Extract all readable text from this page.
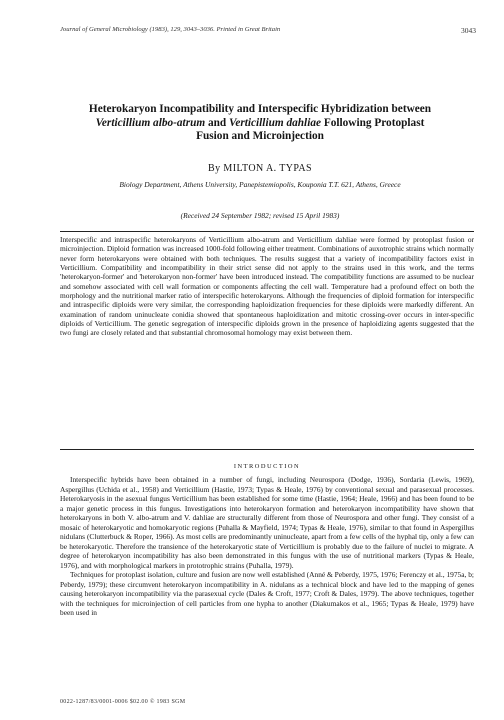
Journal of General Microbiology (1983), 129, 3043–3036. Printed in Great Britain	3043
Heterokaryon Incompatibility and Interspecific Hybridization between
Verticillium albo-atrum and Verticillium dahliae Following Protoplast
Fusion and Microinjection
By MILTON A. TYPAS
Biology Department, Athens University, Panepistemiopolis, Kouponia T.T. 621, Athens, Greece
(Received 24 September 1982; revised 15 April 1983)
Interspecific and intraspecific heterokaryons of Verticillium albo-atrum and Verticillium dahliae were formed by protoplast fusion or microinjection. Diploid formation was increased 1000-fold following either treatment. Combinations of auxotrophic strains which normally never form heterokaryons were obtained with both techniques. The results suggest that a variety of incompatibility factors exist in Verticillium. Compatibility and incompatibility in their strict sense did not apply to the strains used in this work, and the terms 'heterokaryon-former' and 'heterokaryon non-former' have been introduced instead. The compatibility functions are assumed to be nuclear and somehow associated with cell wall formation or components affecting the cell wall. Temperature had a profound effect on both the morphology and the nutritional marker ratio of interspecific heterokaryons. Although the frequencies of diploid formation for interspecific and intraspecific diploids were very similar, the corresponding haploidization frequencies for these diploids were markedly different. An examination of random uninucleate conidia showed that spontaneous haploidization and mitotic crossing-over occurs in inter-specific diploids of Verticillium. The genetic segregation of interspecific diploids grown in the presence of haploidizing agents suggested that the two fungi are closely related and that substantial chromosomal homology may exist between them.
INTRODUCTION

Interspecific hybrids have been obtained in a number of fungi, including Neurospora (Dodge, 1936), Sordaria (Lewis, 1969), Aspergillus (Uchida et al., 1958) and Verticillium (Hastie, 1973; Typas & Heale, 1976) by conventional sexual and parasexual processes. Heterokaryosis in the asexual fungus Verticillium has been established for some time (Hastie, 1964; Heale, 1966) and has been found to be a major genetic process in this fungus. Investigations into heterokaryon formation and heterokaryon incompatibility have shown that heterokaryons in both V. albo-atrum and V. dahliae are structurally different from those of Neurospora and other fungi. They consist of a mosaic of heterokaryotic and homokaryotic regions (Puhalla & Mayfield, 1974; Typas & Heale, 1976), similar to that found in Aspergillus nidulans (Clutterbuck & Roper, 1966). As most cells are predominantly uninucleate, apart from a few cells of the hyphal tip, only a few can be heterokaryotic. Therefore the transience of the heterokaryotic state of Verticillium is probably due to the failure of nuclei to migrate. A degree of heterokaryon incompatibility has also been demonstrated in this fungus with the use of nutritional markers (Typas & Heale, 1976), and with morphological markers in prototrophic strains (Puhalla, 1979).

Techniques for protoplast isolation, culture and fusion are now well established (Anné & Peberdy, 1975, 1976; Ferenczy et al., 1975a, b; Peberdy, 1979); these circumvent heterokaryon incompatibility in A. nidulans as a technical block and have led to the mapping of genes causing heterokaryon incompatibility via the parasexual cycle (Dales & Croft, 1977; Croft & Dales, 1979). The above techniques, together with the techniques for microinjection of cell particles from one hypha to another (Diakumakos et al., 1965; Typas & Heale, 1979) have been used in

0022-1287/83/0001-0006 $02.00 © 1983 SGM
